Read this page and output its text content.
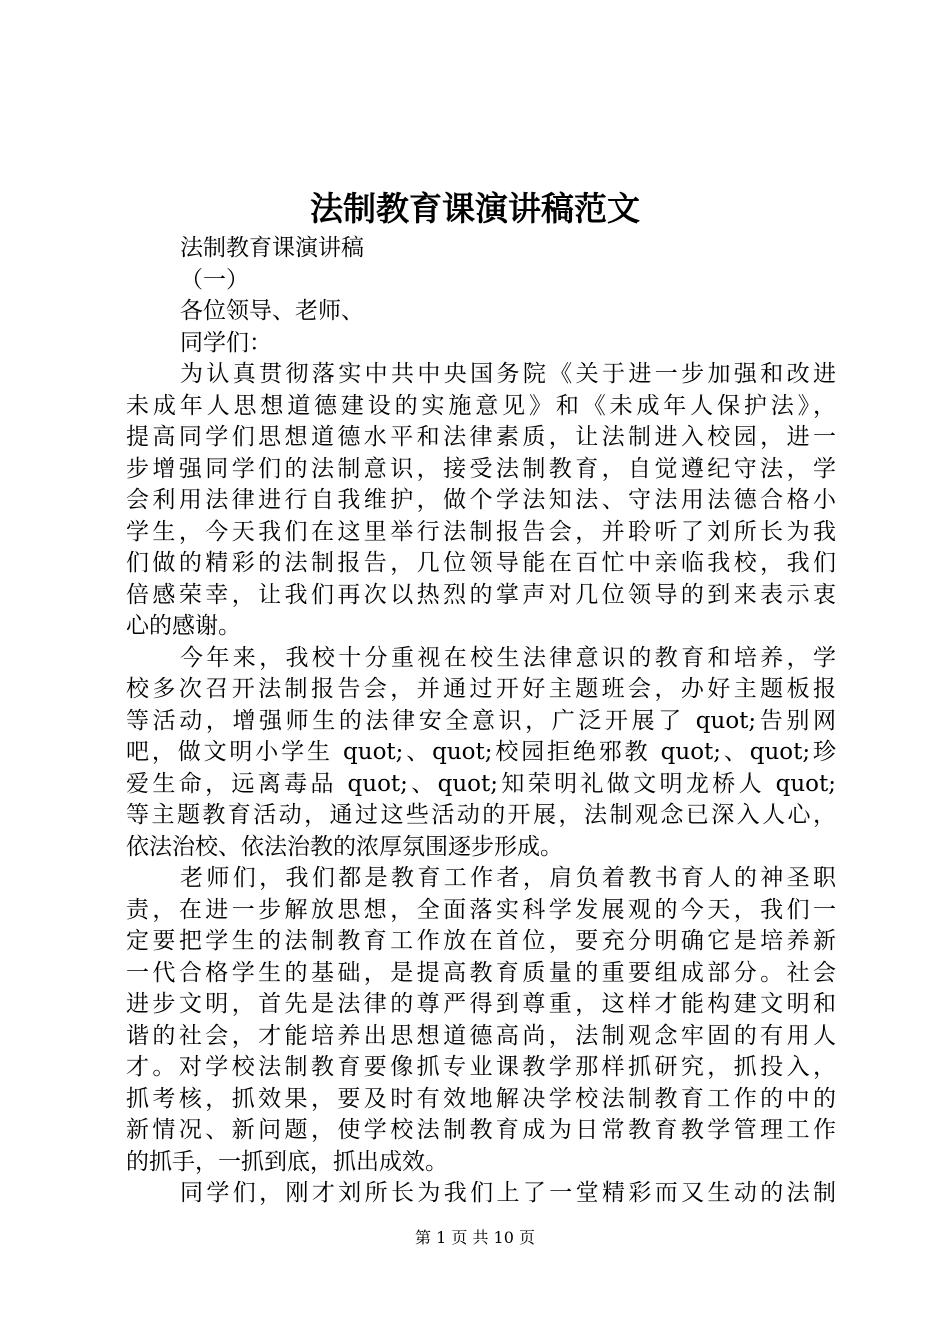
法制教育课演讲稿范文
法制教育课演讲稿
（一）
各位领导、老师、
同学们：
为认真贯彻落实中共中央国务院《关于进一步加强和改进
未成年人思想道德建设的实施意见》和《未成年人保护法》，
提高同学们思想道德水平和法律素质，让法制进入校园，进一
步增强同学们的法制意识，接受法制教育，自觉遵纪守法，学
会利用法律进行自我维护，做个学法知法、守法用法德合格小
学生，今天我们在这里举行法制报告会，并聆听了刘所长为我
们做的精彩的法制报告，几位领导能在百忙中亲临我校，我们
倍感荣幸，让我们再次以热烈的掌声对几位领导的到来表示衷
心的感谢。
今年来，我校十分重视在校生法律意识的教育和培养，学
校多次召开法制报告会，并通过开好主题班会，办好主题板报
等活动，增强师生的法律安全意识，广泛开展了 quot;告别网
吧，做文明小学生 quot;、quot;校园拒绝邪教 quot;、quot;珍
爱生命，远离毒品 quot;、quot;知荣明礼做文明龙桥人 quot;
等主题教育活动，通过这些活动的开展，法制观念已深入人心，
依法治校、依法治教的浓厚氛围逐步形成。
老师们，我们都是教育工作者，肩负着教书育人的神圣职
责，在进一步解放思想，全面落实科学发展观的今天，我们一
定要把学生的法制教育工作放在首位，要充分明确它是培养新
一代合格学生的基础，是提高教育质量的重要组成部分。社会
进步文明，首先是法律的尊严得到尊重，这样才能构建文明和
谐的社会，才能培养出思想道德高尚，法制观念牢固的有用人
才。对学校法制教育要像抓专业课教学那样抓研究，抓投入，
抓考核，抓效果，要及时有效地解决学校法制教育工作的中的
新情况、新问题，使学校法制教育成为日常教育教学管理工作
的抓手，一抓到底，抓出成效。
同学们，刚才刘所长为我们上了一堂精彩而又生动的法制
第 1 页 共 10 页
